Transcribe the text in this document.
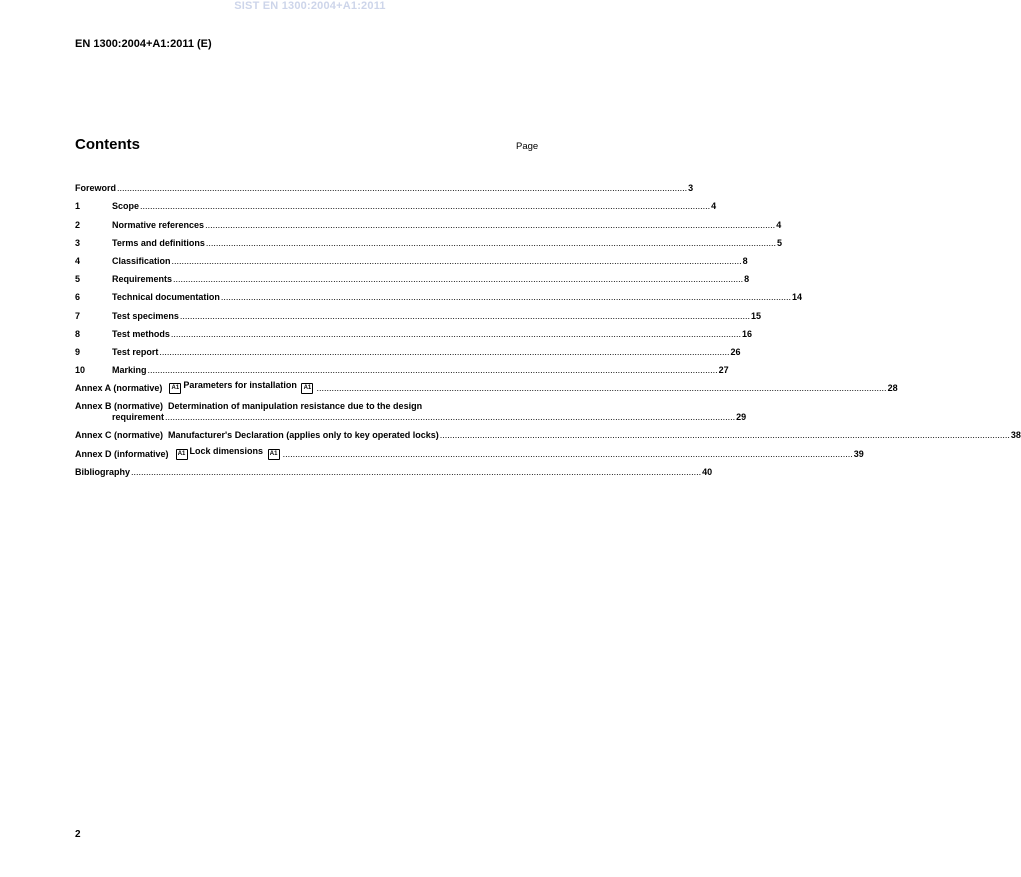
SIST EN 1300:2004+A1:2011
EN 1300:2004+A1:2011 (E)
Contents	Page
Foreword .....	3
1	Scope .....	4
2	Normative references .....	4
3	Terms and definitions .....	5
4	Classification .....	8
5	Requirements .....	8
6	Technical documentation .....	14
7	Test specimens .....	15
8	Test methods .....	16
9	Test report .....	26
10	Marking .....	27
Annex A (normative)	A1 Parameters for installation A1 .....	28
Annex B (normative) Determination of manipulation resistance due to the design
requirement .....	29
Annex C (normative) Manufacturer's Declaration (applies only to key operated locks) .....	38
Annex D (informative)	A1 Lock dimensions A1 .....	39
Bibliography .....	40
2
